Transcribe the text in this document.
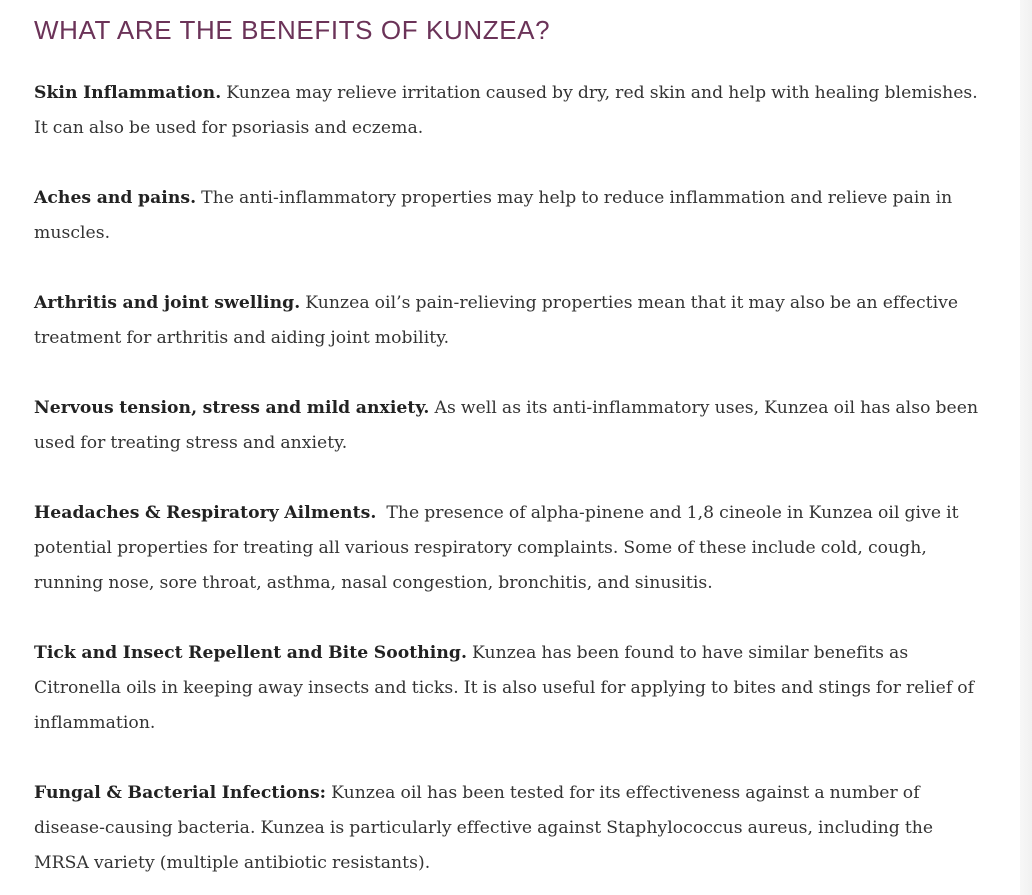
WHAT ARE THE BENEFITS OF KUNZEA?

Skin Inflammation. Kunzea may relieve irritation caused by dry, red skin and help with healing blemishes. It can also be used for psoriasis and eczema.

Aches and pains. The anti-inflammatory properties may help to reduce inflammation and relieve pain in muscles.

Arthritis and joint swelling. Kunzea oil’s pain-relieving properties mean that it may also be an effective treatment for arthritis and aiding joint mobility.

Nervous tension, stress and mild anxiety. As well as its anti-inflammatory uses, Kunzea oil has also been used for treating stress and anxiety.

Headaches & Respiratory Ailments.  The presence of alpha-pinene and 1,8 cineole in Kunzea oil give it potential properties for treating all various respiratory complaints. Some of these include cold, cough, running nose, sore throat, asthma, nasal congestion, bronchitis, and sinusitis.

Tick and Insect Repellent and Bite Soothing. Kunzea has been found to have similar benefits as Citronella oils in keeping away insects and ticks. It is also useful for applying to bites and stings for relief of inflammation.

Fungal & Bacterial Infections: Kunzea oil has been tested for its effectiveness against a number of disease-causing bacteria. Kunzea is particularly effective against Staphylococcus aureus, including the MRSA variety (multiple antibiotic resistants).
